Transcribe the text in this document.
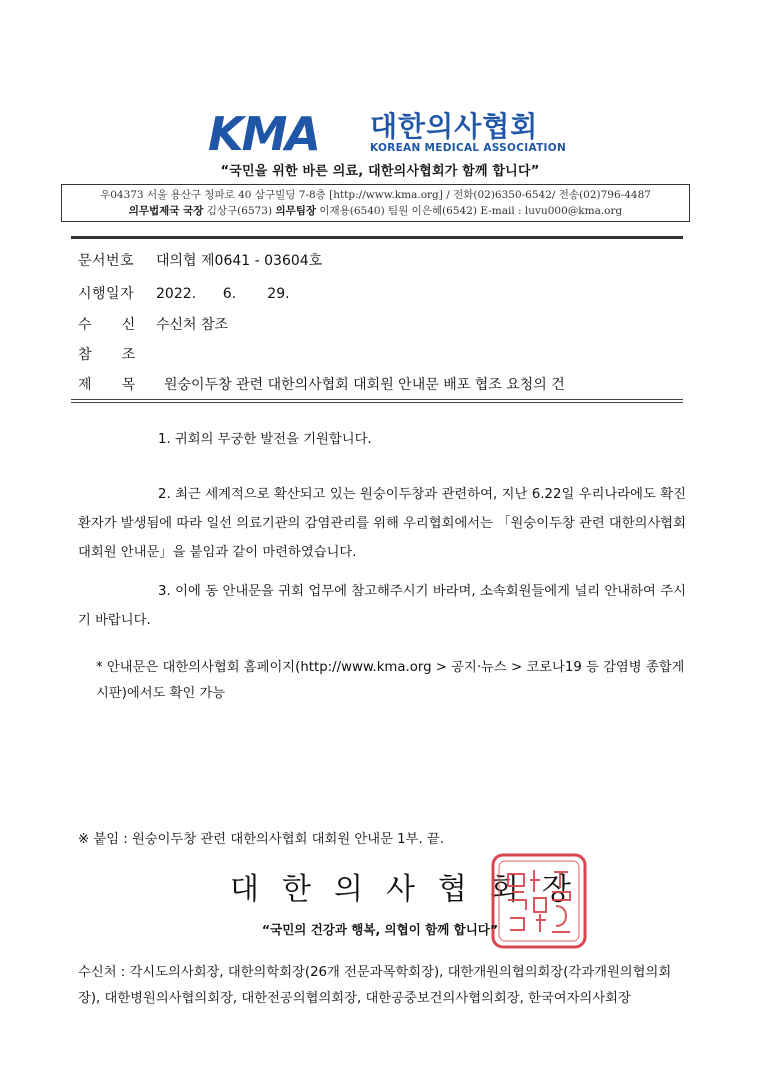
KMA 대한의사협회
KOREAN MEDICAL ASSOCIATION
“국민을 위한 바른 의료, 대한의사협회가 함께 합니다”
우04373 서울 용산구 청파로 40 삼구빌딩 7-8층 [http://www.kma.org] / 전화(02)6350-6542/ 전송(02)796-4487
의무법제국 국장 김상구(6573) 의무팀장 이재용(6540) 팀원 이은혜(6542) E-mail : luvu000@kma.org
문서번호 대의협 제0641 - 03604호
시행일자 2022.      6.       29.
수      신 수신처 참조
참      조
제      목 원숭이두창 관련 대한의사협회 대회원 안내문 배포 협조 요청의 건
1. 귀회의 무궁한 발전을 기원합니다.
2. 최근 세계적으로 확산되고 있는 원숭이두창과 관련하여, 지난 6.22일 우리나라에도 확진환자가 발생됨에 따라 일선 의료기관의 감염관리를 위해 우리협회에서는 「원숭이두창 관련 대한의사협회 대회원 안내문」을 붙임과 같이 마련하였습니다.
3. 이에 동 안내문을 귀회 업무에 참고해주시기 바라며, 소속회원들에게 널리 안내하여 주시기 바랍니다.
* 안내문은 대한의사협회 홈페이지(http://www.kma.org > 공지·뉴스 > 코로나19 등 감염병 종합게시판)에서도 확인 가능
※ 붙임 : 원숭이두창 관련 대한의사협회 대회원 안내문 1부. 끝.
대한의사협회장
“국민의 건강과 행복, 의협이 함께 합니다”
수신처 : 각시도의사회장, 대한의학회장(26개 전문과목학회장), 대한개원의협의회장(각과개원의협의회장), 대한병원의사협의회장, 대한전공의협의회장, 대한공중보건의사협의회장, 한국여자의사회장
